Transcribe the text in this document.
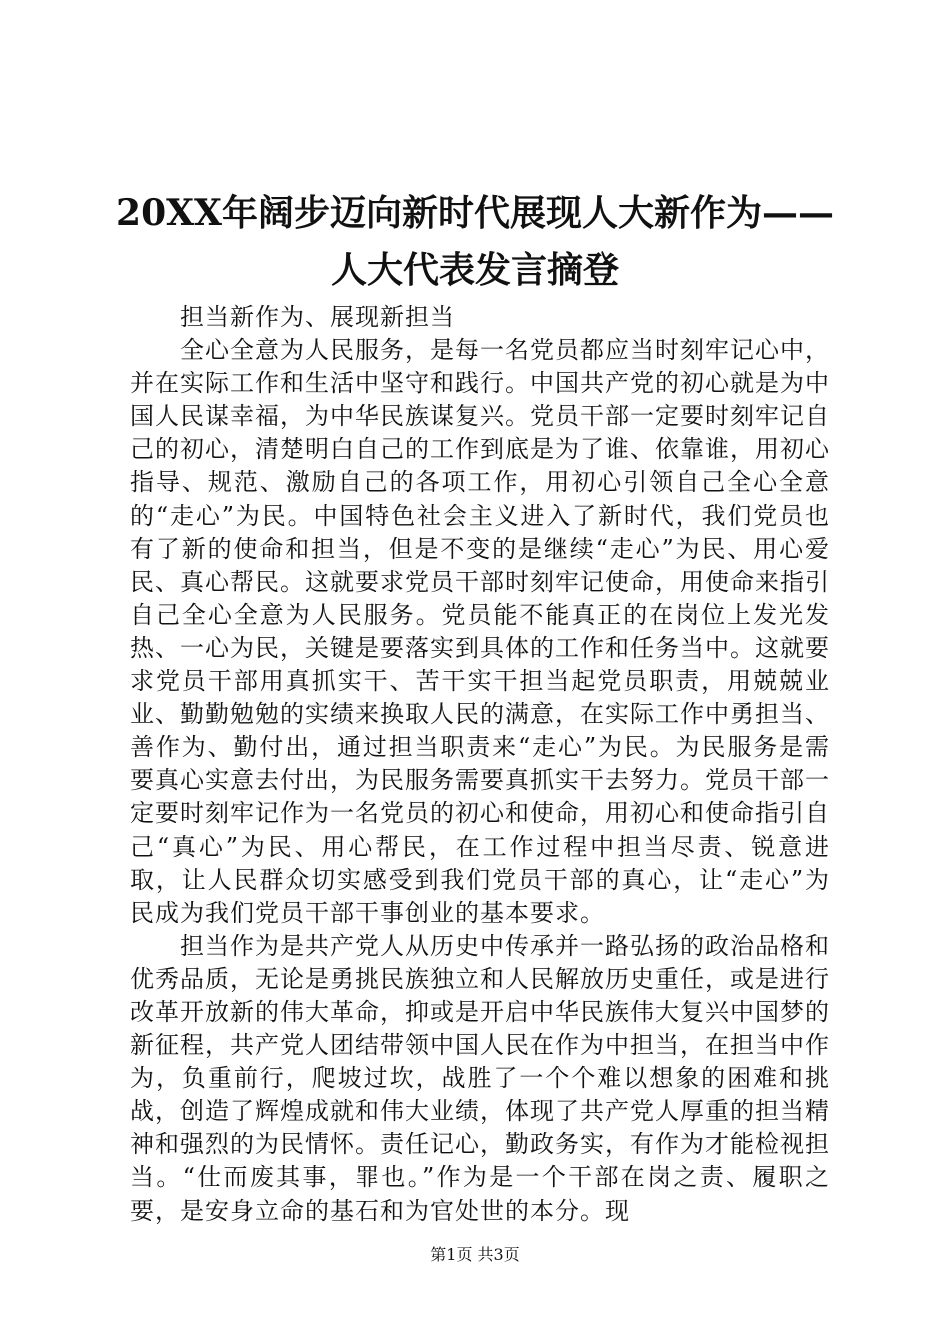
20XX年阔步迈向新时代展现人大新作为——
人大代表发言摘登

担当新作为、展现新担当

全心全意为人民服务，是每一名党员都应当时刻牢记心中，并在实际工作和生活中坚守和践行。中国共产党的初心就是为中国人民谋幸福，为中华民族谋复兴。党员干部一定要时刻牢记自己的初心，清楚明白自己的工作到底是为了谁、依靠谁，用初心指导、规范、激励自己的各项工作，用初心引领自己全心全意的“走心”为民。中国特色社会主义进入了新时代，我们党员也有了新的使命和担当，但是不变的是继续“走心”为民、用心爱民、真心帮民。这就要求党员干部时刻牢记使命，用使命来指引自己全心全意为人民服务。党员能不能真正的在岗位上发光发热、一心为民，关键是要落实到具体的工作和任务当中。这就要求党员干部用真抓实干、苦干实干担当起党员职责，用兢兢业业、勤勤勉勉的实绩来换取人民的满意，在实际工作中勇担当、善作为、勤付出，通过担当职责来“走心”为民。为民服务是需要真心实意去付出，为民服务需要真抓实干去努力。党员干部一定要时刻牢记作为一名党员的初心和使命，用初心和使命指引自己“真心”为民、用心帮民，在工作过程中担当尽责、锐意进取，让人民群众切实感受到我们党员干部的真心，让“走心”为民成为我们党员干部干事创业的基本要求。

担当作为是共产党人从历史中传承并一路弘扬的政治品格和优秀品质，无论是勇挑民族独立和人民解放历史重任，或是进行改革开放新的伟大革命，抑或是开启中华民族伟大复兴中国梦的新征程，共产党人团结带领中国人民在作为中担当，在担当中作为，负重前行，爬坡过坎，战胜了一个个难以想象的困难和挑战，创造了辉煌成就和伟大业绩，体现了共产党人厚重的担当精神和强烈的为民情怀。责任记心，勤政务实，有作为才能检视担当。“仕而废其事，罪也。”作为是一个干部在岗之责、履职之要，是安身立命的基石和为官处世的本分。现

第1页 共3页
